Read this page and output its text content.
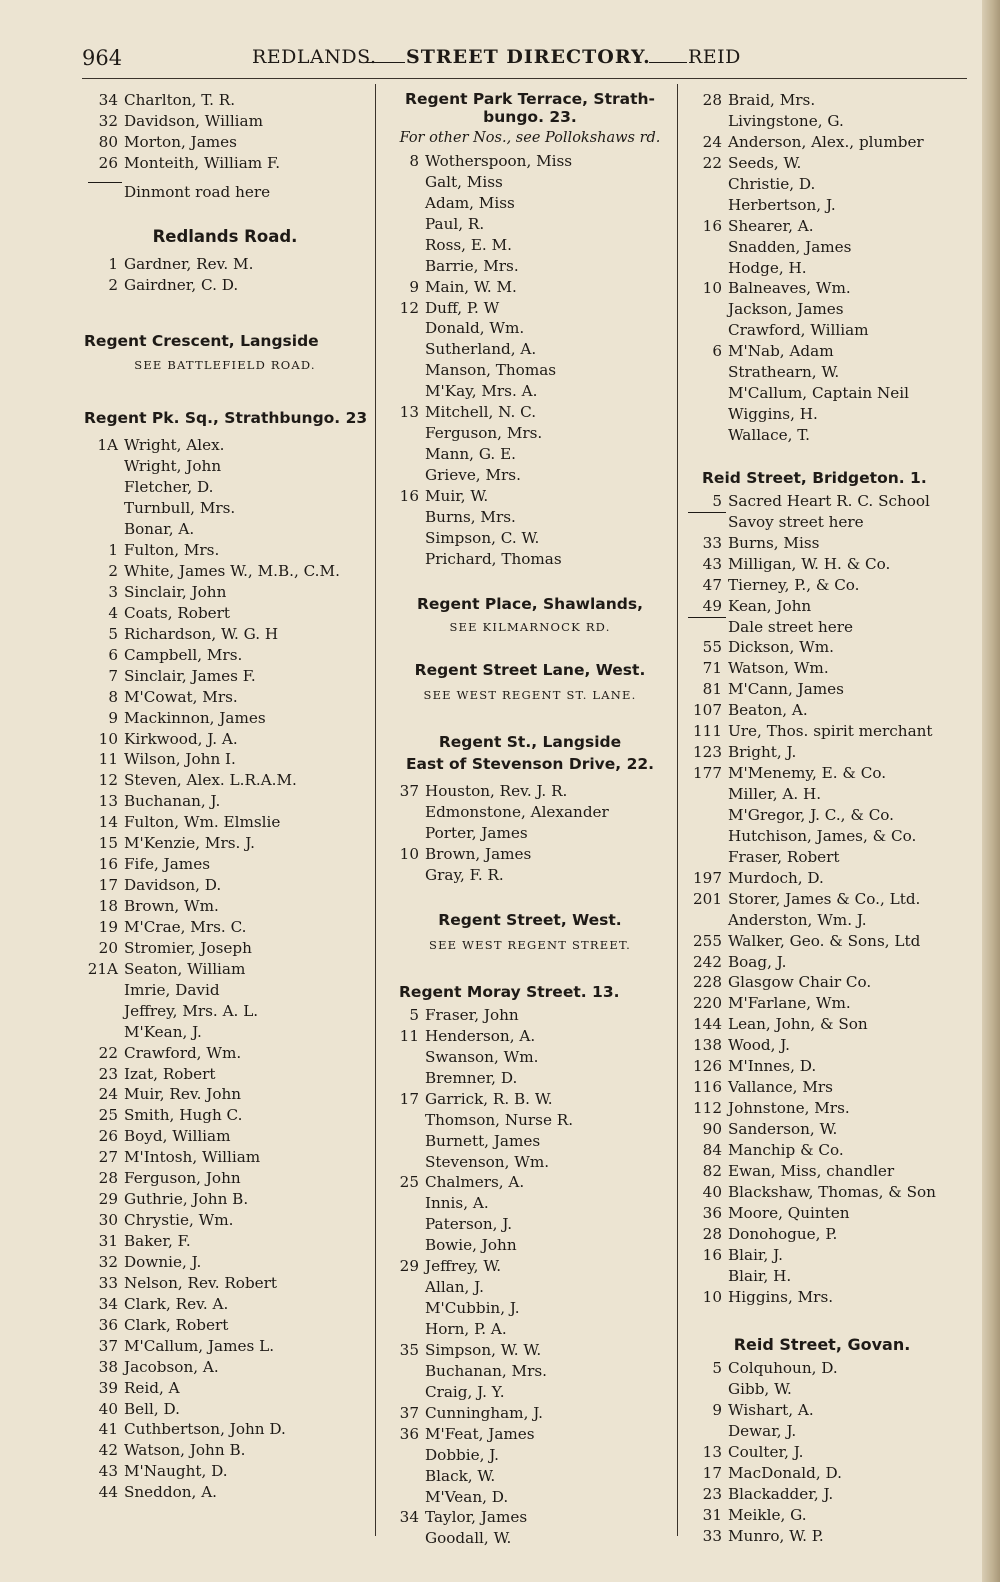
964	REDLANDS. STREET DIRECTORY. REID
34 Charlton, T. R.
32 Davidson, William
80 Morton, James
26 Monteith, William F.
Dinmont road here
Redlands Road.
1 Gardner, Rev. M.
2 Gairdner, C. D.
Regent Crescent, Langside
SEE BATTLEFIELD ROAD.
Regent Pk. Sq., Strathbungo. 23
1A Wright, Alex.
Wright, John
Fletcher, D.
Turnbull, Mrs.
Bonar, A.
1 Fulton, Mrs.
2 White, James W., M.B., C.M.
3 Sinclair, John
4 Coats, Robert
5 Richardson, W. G. H
6 Campbell, Mrs.
7 Sinclair, James F.
8 M'Cowat, Mrs.
9 Mackinnon, James
10 Kirkwood, J. A.
11 Wilson, John I.
12 Steven, Alex. L.R.A.M.
13 Buchanan, J.
14 Fulton, Wm. Elmslie
15 M'Kenzie, Mrs. J.
16 Fife, James
17 Davidson, D.
18 Brown, Wm.
19 M'Crae, Mrs. C.
20 Stromier, Joseph
21A Seaton, William
Imrie, David
Jeffrey, Mrs. A. L.
M'Kean, J.
22 Crawford, Wm.
23 Izat, Robert
24 Muir, Rev. John
25 Smith, Hugh C.
26 Boyd, William
27 M'Intosh, William
28 Ferguson, John
29 Guthrie, John B.
30 Chrystie, Wm.
31 Baker, F.
32 Downie, J.
33 Nelson, Rev. Robert
34 Clark, Rev. A.
36 Clark, Robert
37 M'Callum, James L.
38 Jacobson, A.
39 Reid, A
40 Bell, D.
41 Cuthbertson, John D.
42 Watson, John B.
43 M'Naught, D.
44 Sneddon, A.
Regent Park Terrace, Strath-
bungo. 23.
For other Nos., see Pollokshaws rd.
8 Wotherspoon, Miss
Galt, Miss
Adam, Miss
Paul, R.
Ross, E. M.
Barrie, Mrs.
9 Main, W. M.
12 Duff, P. W
Donald, Wm.
Sutherland, A.
Manson, Thomas
M'Kay, Mrs. A.
13 Mitchell, N. C.
Ferguson, Mrs.
Mann, G. E.
Grieve, Mrs.
16 Muir, W.
Burns, Mrs.
Simpson, C. W.
Prichard, Thomas
Regent Place, Shawlands,
SEE KILMARNOCK RD.
Regent Street Lane, West.
SEE WEST REGENT ST. LANE.
Regent St., Langside
East of Stevenson Drive, 22.
37 Houston, Rev. J. R.
Edmonstone, Alexander
Porter, James
10 Brown, James
Gray, F. R.
Regent Street, West.
SEE WEST REGENT STREET.
Regent Moray Street. 13.
5 Fraser, John
11 Henderson, A.
Swanson, Wm.
Bremner, D.
17 Garrick, R. B. W.
Thomson, Nurse R.
Burnett, James
Stevenson, Wm.
25 Chalmers, A.
Innis, A.
Paterson, J.
Bowie, John
29 Jeffrey, W.
Allan, J.
M'Cubbin, J.
Horn, P. A.
35 Simpson, W. W.
Buchanan, Mrs.
Craig, J. Y.
37 Cunningham, J.
36 M'Feat, James
Dobbie, J.
Black, W.
M'Vean, D.
34 Taylor, James
Goodall, W.
28 Braid, Mrs.
Livingstone, G.
24 Anderson, Alex., plumber
22 Seeds, W.
Christie, D.
Herbertson, J.
16 Shearer, A.
Snadden, James
Hodge, H.
10 Balneaves, Wm.
Jackson, James
Crawford, William
6 M'Nab, Adam
Strathearn, W.
M'Callum, Captain Neil
Wiggins, H.
Wallace, T.
Reid Street, Bridgeton. 1.
5 Sacred Heart R. C. School
Savoy street here
33 Burns, Miss
43 Milligan, W. H. & Co.
47 Tierney, P., & Co.
49 Kean, John
Dale street here
55 Dickson, Wm.
71 Watson, Wm.
81 M'Cann, James
107 Beaton, A.
111 Ure, Thos. spirit merchant
123 Bright, J.
177 M'Menemy, E. & Co.
Miller, A. H.
M'Gregor, J. C., & Co.
Hutchison, James, & Co.
Fraser, Robert
197 Murdoch, D.
201 Storer, James & Co., Ltd.
Anderston, Wm. J.
255 Walker, Geo. & Sons, Ltd
242 Boag, J.
228 Glasgow Chair Co.
220 M'Farlane, Wm.
144 Lean, John, & Son
138 Wood, J.
126 M'Innes, D.
116 Vallance, Mrs
112 Johnstone, Mrs.
90 Sanderson, W.
84 Manchip & Co.
82 Ewan, Miss, chandler
40 Blackshaw, Thomas, & Son
36 Moore, Quinten
28 Donohogue, P.
16 Blair, J.
Blair, H.
10 Higgins, Mrs.
Reid Street, Govan.
5 Colquhoun, D.
Gibb, W.
9 Wishart, A.
Dewar, J.
13 Coulter, J.
17 MacDonald, D.
23 Blackadder, J.
31 Meikle, G.
33 Munro, W. P.
